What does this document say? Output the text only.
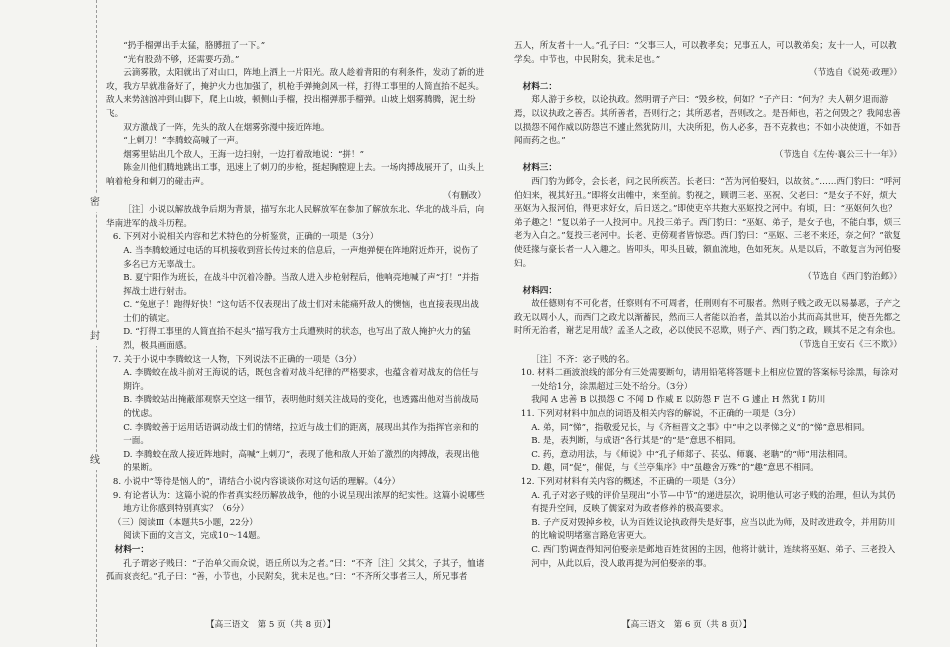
密
封
线

“扔手榴弹出手太猛，胳膊扭了一下。”

“光有股劲不够，还需要巧劲。”

云滴雾散，太阳就出了对山口，阵地上洒上一片阳光。敌人趁着背阳的有利条件，发动了新的进攻，我方早就准备好了，掩护火力也加强了，机枪手弹掩剑风一样，打得工事里的人简直抬不起头。敌人来势汹汹冲到山脚下，爬上山坡，顿侧山手榴，投出榴弹那手榴弹。山坡上烟雾腾腾，泥土纷飞。

双方激战了一阵，先头的敌人在烟雾弥漫中接近阵地。

“上刺刀！”李腾蛟高喊了一声。

烟雾里钻出几个敌人，王海一边扫射，一边打着敌地说：“拼！”

陈金川他们腾地跳出工事，迅速上了刺刀的步枪，挺起胸膛迎上去。一场肉搏战展开了，山头上响着枪身和刺刀的碰击声。

（有删改）

［注］小说以解放战争后期为背景，描写东北人民解放军在参加了解放东北、华北的战斗后，向华南进军的战斗历程。

6. 下列对小说相关内容和艺术特色的分析鉴赏，正确的一项是（3分）

A. 当李腾蛟通过电话的耳机接收到营长传过来的信息后，一声炮弹便在阵地附近炸开，说伤了多名已方无辜战士。

B. 夏宁阳作为班长，在战斗中沉着冷静。当敌人进入步枪射程后，他响亮地喊了声“打！”并指挥战士进行射击。

C. “兔崽子！跑得好快！”这句话不仅表现出了战士们对未能痛歼敌人的懊恼，也直接表现出战士们的镇定。

D. “打得工事里的人简直抬不起头”描写我方士兵遭殃时的状态，也写出了敌人掩护火力的猛烈，极具画面感。

7. 关于小说中李腾蛟这一人物，下列说法不正确的一项是（3分）

A. 李腾蛟在战斗前对王海说的话，既包含着对战斗纪律的严格要求，也蕴含着对战友的信任与期许。

B. 李腾蛟站出掩蔽部观察天空这一细节，表明他时刻关注战局的变化，也透露出他对当前战局的忧虑。

C. 李腾蛟善于运用话语调动战士们的情绪，拉近与战士们的距离，展现出其作为指挥官亲和的一面。

D. 李腾蛟在敌人接近阵地时，高喊“上刺刀”，表现了他和敌人开始了激烈的肉搏战，表现出他的果断。

8. 小说中“等待是恼人的”，请结合小说内容谈谈你对这句话的理解。（4分）

9. 有论者认为：这篇小说的作者真实经历解放战争，他的小说呈现出浓厚的纪实性。这篇小说哪些地方让你感到特别真实？（6分）

（三）阅读Ⅲ（本题共5小题，22分）

阅读下面的文言文，完成10～14题。

材料一：

孔子谓宓子贱曰：“子治单父而众说，语丘所以为之者。”曰：“不齐［注］父其父，子其子，恤诸孤而哀丧纪。”孔子曰：“善，小节也，小民附矣，犹未足也。”曰：“不齐所父事者三人，所兄事者

五人，所友者十一人。”孔子曰：“父事三人，可以教孝矣；兄事五人，可以教弟矣；友十一人，可以教学矣。中节也，中民附矣，犹未足也。”

（节选自《说苑·政理》）

材料二：

郑人游于乡校，以论执政。然明谓子产曰：“毁乡校，何如？”子产曰：“何为？夫人朝夕退而游焉，以议执政之善否。其所善者，吾则行之；其所恶者，吾则改之。是吾师也，若之何毁之？我闻忠善以损怨不闻作威以防怨岂不遽止然犹防川，大决所犯，伤人必多，吾不克救也；不如小决使道，不如吾闻而药之也。”

（节选自《左传·襄公三十一年》）

材料三：

西门豹为邺令，会长老，问之民所疾苦。长老曰：“苦为河伯娶妇，以故贫。”……西门豹曰：“呼河伯妇来，视其好丑。”即将女出帷中，来至前。豹视之，顾谓三老、巫祝、父老曰：“是女子不好，烦大巫妪为入报河伯，得更求好女，后日送之。”即使吏卒共抱大巫妪投之河中。有顷，曰：“巫妪何久也？弟子趣之！”复以弟子一人投河中。凡投三弟子。西门豹曰：“巫妪、弟子，是女子也，不能白事，烦三老为入白之。”复投三老河中。长老、吏傍观者皆惊恐。西门豹曰：“巫妪、三老不来还，奈之何？”欲复使廷掾与豪长者一人入趣之。皆叩头，叩头且破，额血流地，色如死灰。从是以后，不敢复言为河伯娶妇。

（节选自《西门豹治邺》）

材料四：

故任德则有不可化者，任察则有不可周者，任刑则有不可服者。然则子贱之政无以易暴恶，子产之政无以周小人，而西门之政尤以渐蓄民，然而三人者能以治者，盖其以治小其而高其世耳，使吾先都之时所无治者，谢艺足用哉？孟圣人之政，必以使民不忍欺，则子产、西门豹之政，顾其不足之有余也。

（节选自王安石《三不欺》）

［注］不齐：宓子贱的名。

10. 材料二画波浪线的部分有三处需要断句，请用铅笔将答题卡上相应位置的答案标号涂黑，每涂对一处给1分，涂黑超过三处不给分。（3分）

我闻 A 忠善 B 以损怨 C 不闻 D 作威 E 以防怨 F 岂不 G 遽止 H 然犹 I 防川

11. 下列对材料中加点的词语及相关内容的解说，不正确的一项是（3分）

A. 弟，同“悌”，指敬爱兄长，与《齐桓晋文之事》中“申之以孝悌之义”的“悌”意思相同。

B. 是，表判断，与成语“各行其是”的“是”意思不相同。

C. 药，意动用法，与《师说》中“孔子师郯子、苌弘、师襄、老聃”的“师”用法相同。

D. 趣，同“促”，催促，与《兰亭集序》中“虽趣舍万殊”的“趣”意思不相同。

12. 下列对材料有关内容的概述，不正确的一项是（3分）

A. 孔子对宓子贱的评价呈现出“小节—中节”的递进层次，说明他认可宓子贱的治理，但认为其仍有提升空间，反映了儒家对为政者修养的极高要求。

B. 子产反对毁掉乡校，认为百姓议论执政得失是好事，应当以此为师，及时改进政令，并用防川的比喻说明堵塞言路危害更大。

C. 西门豹调查得知河伯娶亲是邺地百姓贫困的主因，他将计就计，连续将巫妪、弟子、三老投入河中，从此以后，没人敢再提为河伯娶亲的事。

【高三语文　第 5 页（共 8 页）】	【高三语文　第 6 页（共 8 页）】
